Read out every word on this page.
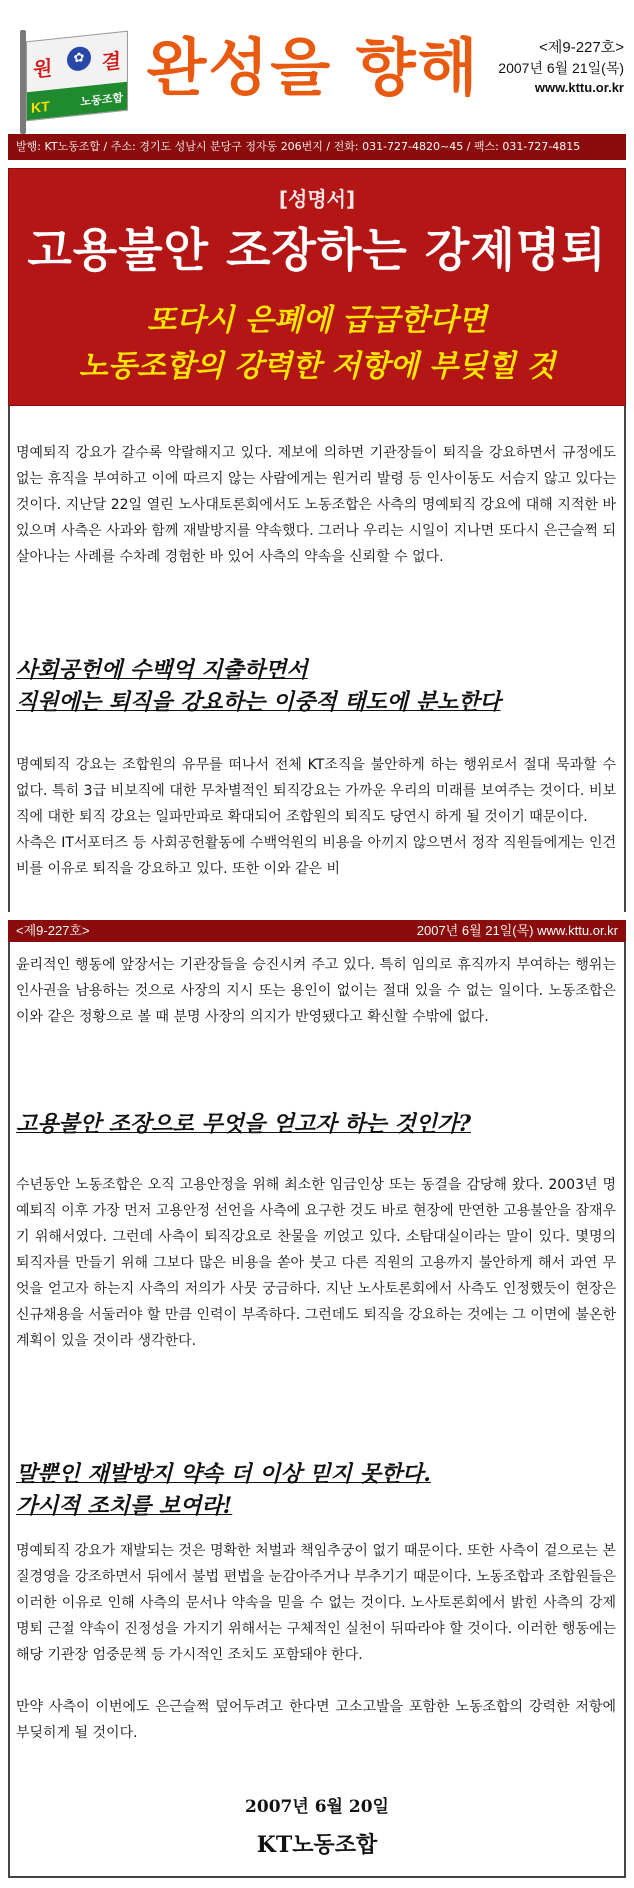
원	✿ 결
KT	노동조합 완성을 향해	<제9-227호>
2007년 6월 21일(목)
www.kttu.or.kr
발행: KT노동조합 / 주소: 경기도 성남시 분당구 정자동 206번지 / 전화: 031-727-4820~45 / 팩스: 031-727-4815
[성명서]
고용불안 조장하는 강제명퇴
또다시 은폐에 급급한다면
노동조합의 강력한 저항에 부딪힐 것
명예퇴직 강요가 갈수록 악랄해지고 있다. 제보에 의하면 기관장들이 퇴직을 강요하면서 규정에도 없는 휴직을 부여하고 이에 따르지 않는 사람에게는 원거리 발령 등 인사이동도 서슴지 않고 있다는 것이다. 지난달 22일 열린 노사대토론회에서도 노동조합은 사측의 명예퇴직 강요에 대해 지적한 바 있으며 사측은 사과와 함께 재발방지를 약속했다. 그러나 우리는 시일이 지나면 또다시 은근슬쩍 되살아나는 사례를 수차례 경험한 바 있어 사측의 약속을 신뢰할 수 없다.
사회공헌에 수백억 지출하면서
직원에는 퇴직을 강요하는 이중적 태도에 분노한다
명예퇴직 강요는 조합원의 유무를 떠나서 전체 KT조직을 불안하게 하는 행위로서 절대 묵과할 수 없다. 특히 3급 비보직에 대한 무차별적인 퇴직강요는 가까운 우리의 미래를 보여주는 것이다. 비보직에 대한 퇴직 강요는 일파만파로 확대되어 조합원의 퇴직도 당연시 하게 될 것이기 때문이다.
사측은 IT서포터즈 등 사회공헌활동에 수백억원의 비용을 아끼지 않으면서 정작 직원들에게는 인건비를 이유로 퇴직을 강요하고 있다. 또한 이와 같은 비
<제9-227호>	2007년 6월 21일(목) www.kttu.or.kr
윤리적인 행동에 앞장서는 기관장들을 승진시켜 주고 있다. 특히 임의로 휴직까지 부여하는 행위는 인사권을 남용하는 것으로 사장의 지시 또는 용인이 없이는 절대 있을 수 없는 일이다. 노동조합은 이와 같은 정황으로 볼 때 분명 사장의 의지가 반영됐다고 확신할 수밖에 없다.
고용불안 조장으로 무엇을 얻고자 하는 것인가?
수년동안 노동조합은 오직 고용안정을 위해 최소한 임금인상 또는 동결을 감당해 왔다. 2003년 명예퇴직 이후 가장 먼저 고용안정 선언을 사측에 요구한 것도 바로 현장에 만연한 고용불안을 잠재우기 위해서였다. 그런데 사측이 퇴직강요로 찬물을 끼얹고 있다. 소탐대실이라는 말이 있다. 몇명의 퇴직자를 만들기 위해 그보다 많은 비용을 쏟아 붓고 다른 직원의 고용까지 불안하게 해서 과연 무엇을 얻고자 하는지 사측의 저의가 사뭇 궁금하다. 지난 노사토론회에서 사측도 인정했듯이 현장은 신규채용을 서둘러야 할 만큼 인력이 부족하다. 그런데도 퇴직을 강요하는 것에는 그 이면에 불온한 계획이 있을 것이라 생각한다.
말뿐인 재발방지 약속 더 이상 믿지 못한다.
가시적 조치를 보여라!
명예퇴직 강요가 재발되는 것은 명확한 처벌과 책임추궁이 없기 때문이다. 또한 사측이 겉으로는 본질경영을 강조하면서 뒤에서 불법 편법을 눈감아주거나 부추기기 때문이다. 노동조합과 조합원들은 이러한 이유로 인해 사측의 문서나 약속을 믿을 수 없는 것이다. 노사토론회에서 밝힌 사측의 강제명퇴 근절 약속이 진정성을 가지기 위해서는 구체적인 실천이 뒤따라야 할 것이다. 이러한 행동에는 해당 기관장 엄중문책 등 가시적인 조치도 포함돼야 한다.
만약 사측이 이번에도 은근슬쩍 덮어두려고 한다면 고소고발을 포함한 노동조합의 강력한 저항에 부딪히게 될 것이다.
2007년 6월 20일
KT노동조합
